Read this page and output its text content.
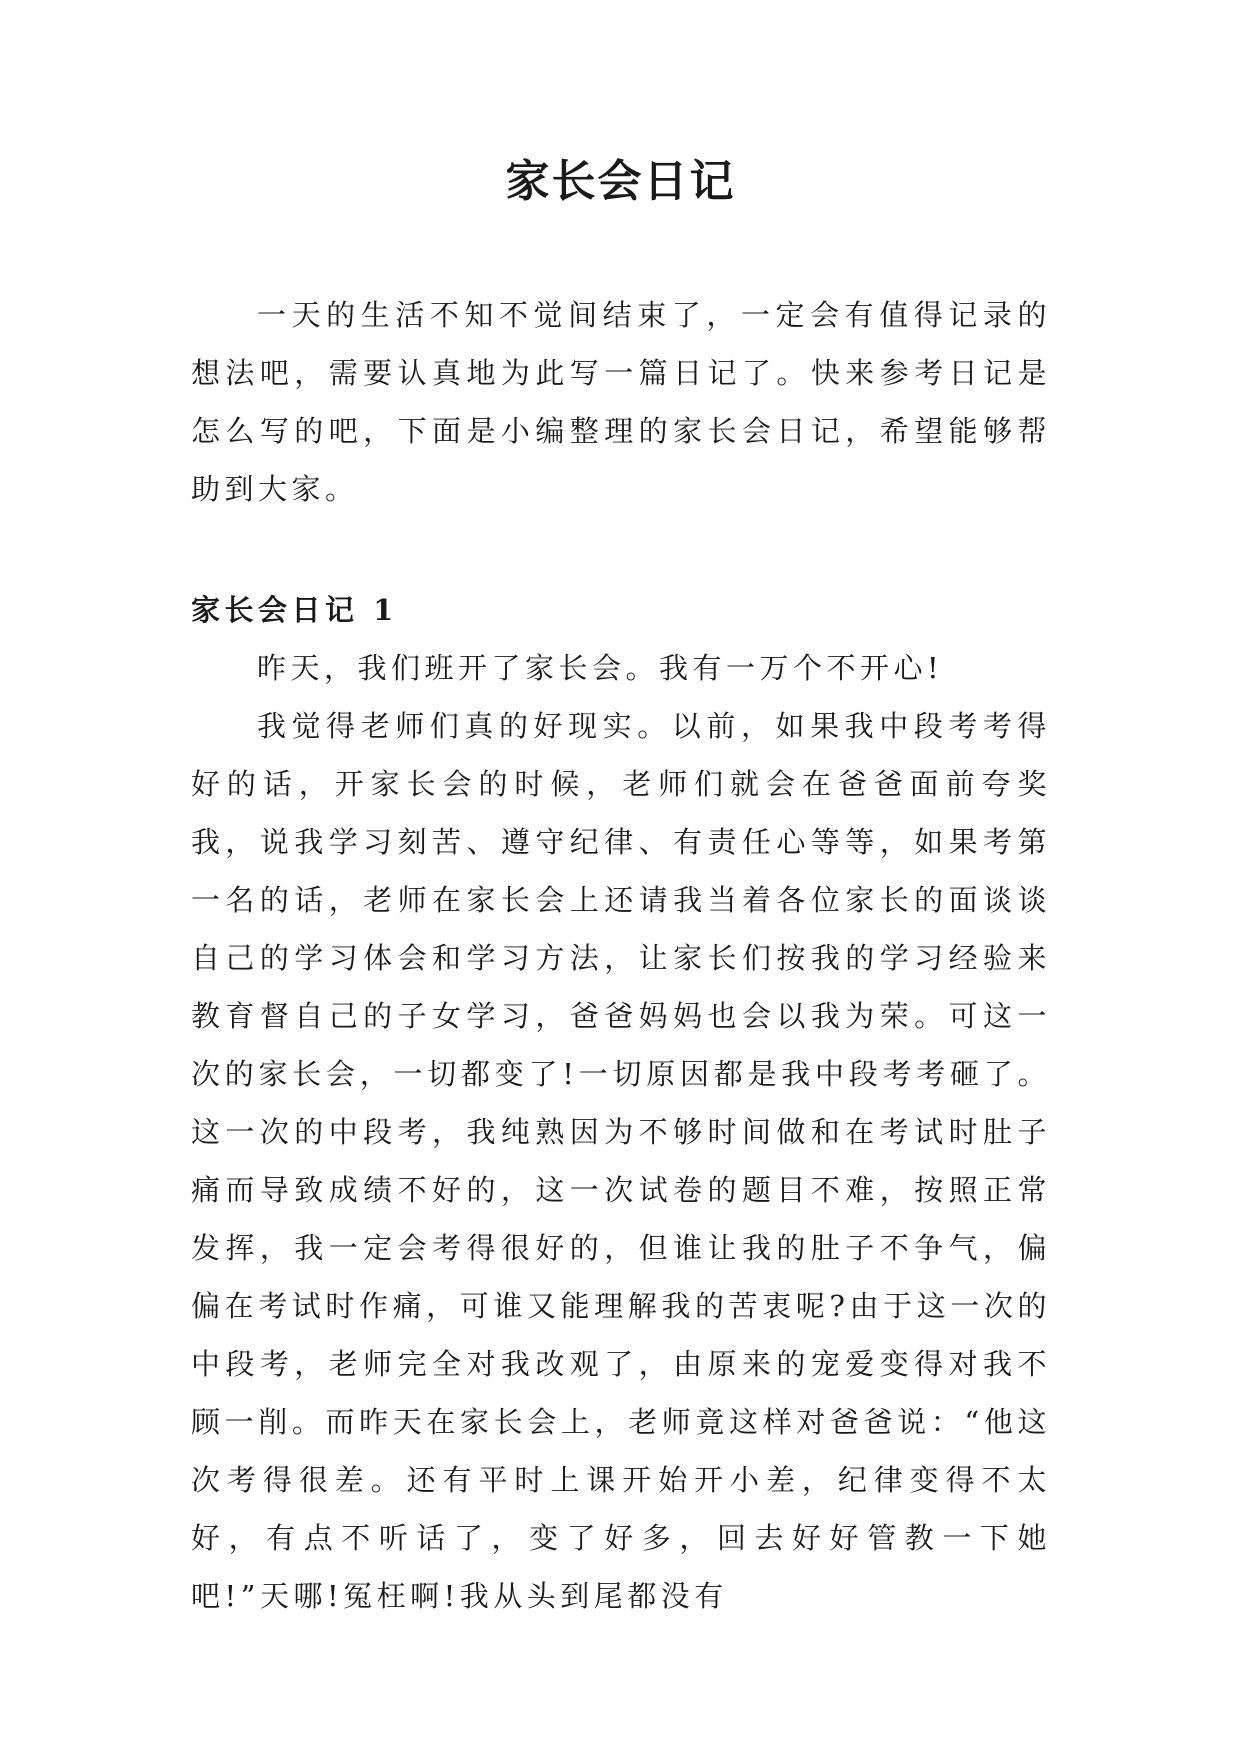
家长会日记

一天的生活不知不觉间结束了，一定会有值得记录的想法吧，需要认真地为此写一篇日记了。快来参考日记是怎么写的吧，下面是小编整理的家长会日记，希望能够帮助到大家。

家长会日记 1

昨天，我们班开了家长会。我有一万个不开心!

我觉得老师们真的好现实。以前，如果我中段考考得好的话，开家长会的时候，老师们就会在爸爸面前夸奖我，说我学习刻苦、遵守纪律、有责任心等等，如果考第一名的话，老师在家长会上还请我当着各位家长的面谈谈自己的学习体会和学习方法，让家长们按我的学习经验来教育督自己的子女学习，爸爸妈妈也会以我为荣。可这一次的家长会，一切都变了!一切原因都是我中段考考砸了。这一次的中段考，我纯熟因为不够时间做和在考试时肚子痛而导致成绩不好的，这一次试卷的题目不难，按照正常发挥，我一定会考得很好的，但谁让我的肚子不争气，偏偏在考试时作痛，可谁又能理解我的苦衷呢?由于这一次的中段考，老师完全对我改观了，由原来的宠爱变得对我不顾一削。而昨天在家长会上，老师竟这样对爸爸说：“他这次考得很差。还有平时上课开始开小差，纪律变得不太好，有点不听话了，变了好多，回去好好管教一下她吧!”天哪!冤枉啊!我从头到尾都没有
